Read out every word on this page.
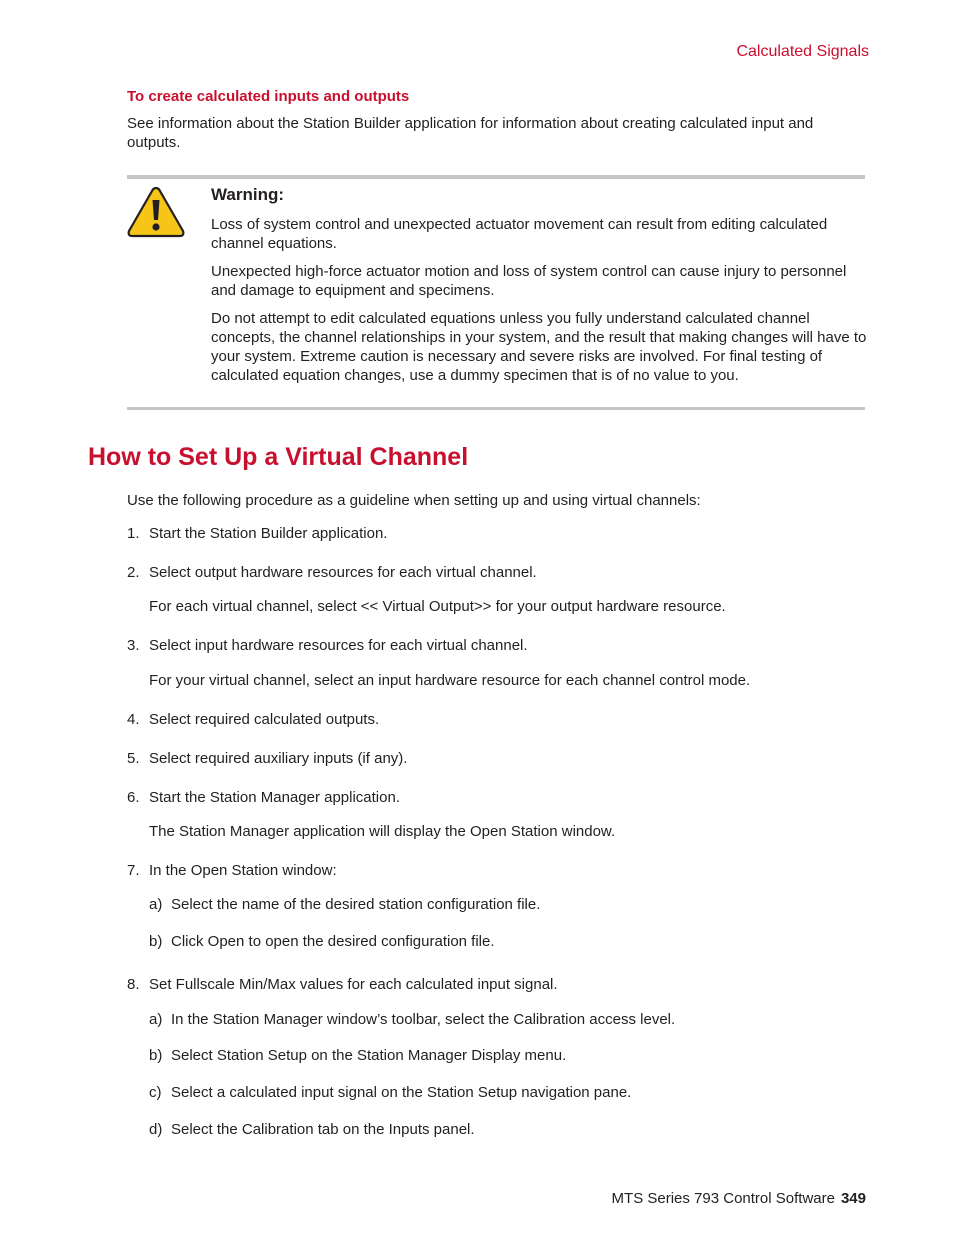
Calculated Signals
To create calculated inputs and outputs
See information about the Station Builder application for information about creating calculated input and outputs.
Warning:

Loss of system control and unexpected actuator movement can result from editing calculated channel equations.

Unexpected high-force actuator motion and loss of system control can cause injury to personnel and damage to equipment and specimens.

Do not attempt to edit calculated equations unless you fully understand calculated channel concepts, the channel relationships in your system, and the result that making changes will have to your system. Extreme caution is necessary and severe risks are involved. For final testing of calculated equation changes, use a dummy specimen that is of no value to you.

How to Set Up a Virtual Channel
Use the following procedure as a guideline when setting up and using virtual channels:
1. Start the Station Builder application.
2. Select output hardware resources for each virtual channel.
For each virtual channel, select << Virtual Output>> for your output hardware resource.
3. Select input hardware resources for each virtual channel.
For your virtual channel, select an input hardware resource for each channel control mode.
4. Select required calculated outputs.
5. Select required auxiliary inputs (if any).
6. Start the Station Manager application.
The Station Manager application will display the Open Station window.
7. In the Open Station window:
a) Select the name of the desired station configuration file.
b) Click Open to open the desired configuration file.
8. Set Fullscale Min/Max values for each calculated input signal.
a) In the Station Manager window’s toolbar, select the Calibration access level.
b) Select Station Setup on the Station Manager Display menu.
c) Select a calculated input signal on the Station Setup navigation pane.
d) Select the Calibration tab on the Inputs panel.
MTS Series 793 Control Software 349
